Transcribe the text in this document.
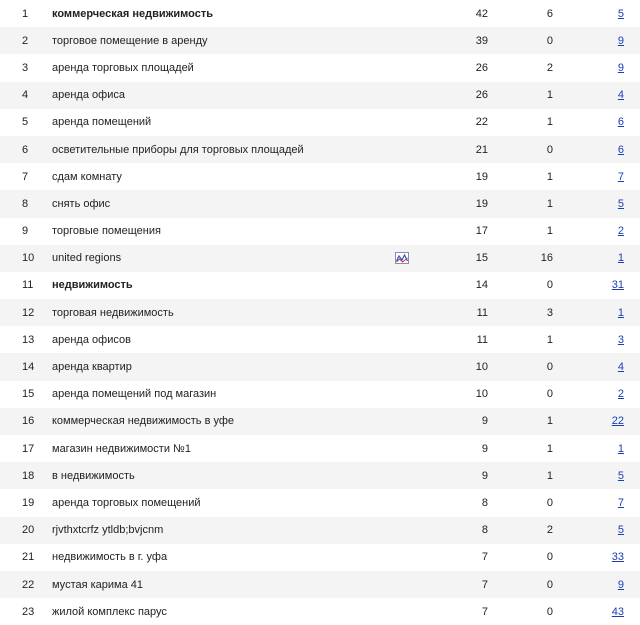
1	коммерческая недвижимость		42	6	5
2	торговое помещение в аренду		39	0	9
3	аренда торговых площадей		26	2	9
4	аренда офиса		26	1	4
5	аренда помещений		22	1	6
6	осветительные приборы для торговых площадей		21	0	6
7	сдам комнату		19	1	7
8	снять офис		19	1	5
9	торговые помещения		17	1	2
10	united regions		15	16	1
11	недвижимость		14	0	31
12	торговая недвижимость		11	3	1
13	аренда офисов		11	1	3
14	аренда квартир		10	0	4
15	аренда помещений под магазин		10	0	2
16	коммерческая недвижимость в уфе		9	1	22
17	магазин недвижимости №1		9	1	1
18	в недвижимость		9	1	5
19	аренда торговых помещений		8	0	7
20	rjvthxtcrfz ytldb;bvjcnm		8	2	5
21	недвижимость в г. уфа		7	0	33
22	мустая карима 41		7	0	9
23	жилой комплекс парус		7	0	43
